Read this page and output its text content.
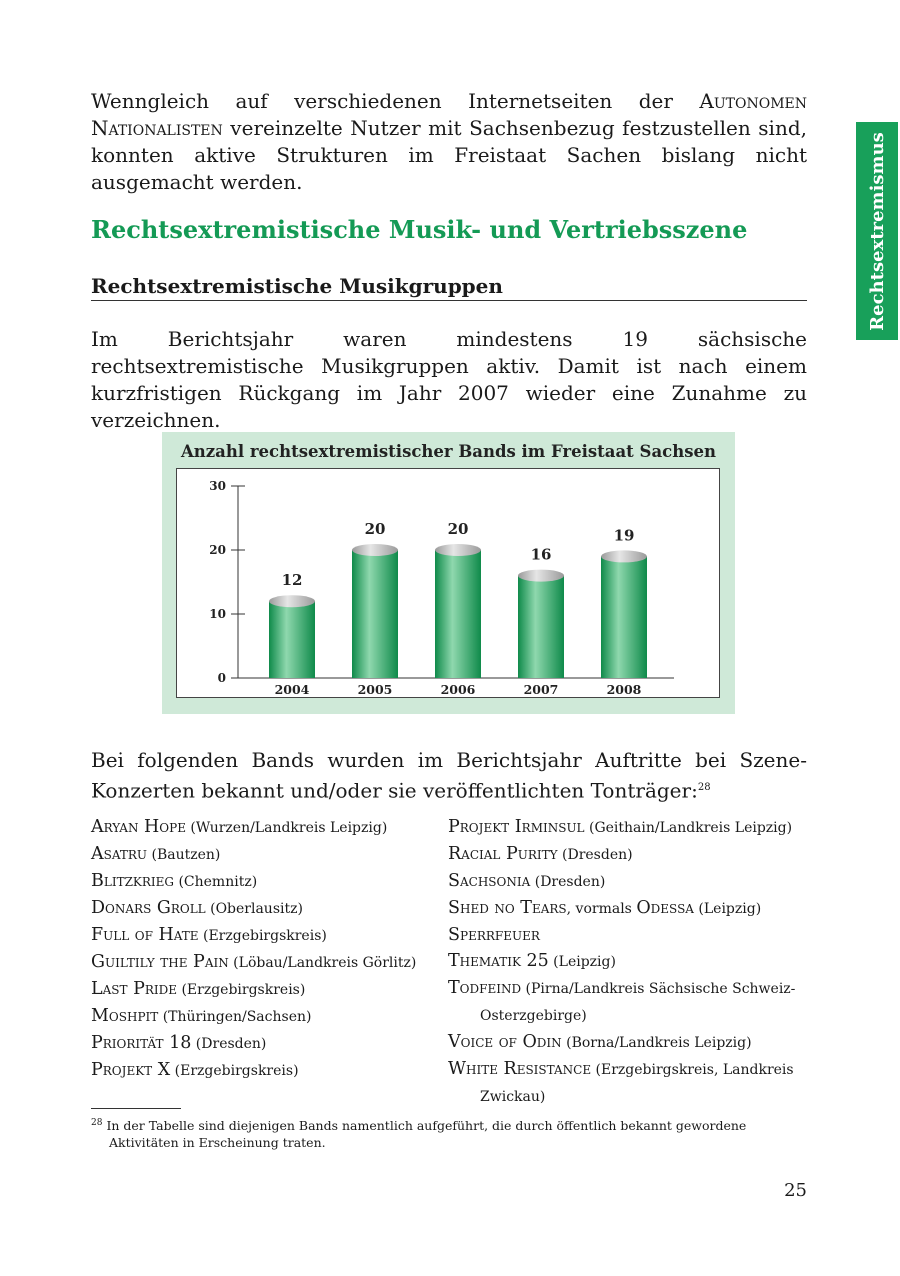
Rechtsextremismus

Wenngleich auf verschiedenen Internetseiten der Autonomen Nationalisten vereinzelte Nutzer mit Sachsenbezug festzustellen sind, konnten aktive Strukturen im Freistaat Sachen bislang nicht ausgemacht werden.

Rechtsextremistische Musik- und Vertriebsszene
Rechtsextremistische Musikgruppen

Im Berichtsjahr waren mindestens 19 sächsische rechtsextremistische Musikgruppen aktiv. Damit ist nach einem kurzfristigen Rückgang im Jahr 2007 wieder eine Zunahme zu verzeichnen.

Anzahl rechtsextremistischer Bands im Freistaat Sachsen
0
10
20
30
12
2004
20
2005
20
2006
16
2007
19
2008

Bei folgenden Bands wurden im Berichtsjahr Auftritte bei Szene-Konzerten bekannt und/oder sie veröffentlichten Tonträger:$^{28}$

Aryan Hope (Wurzen/Landkreis Leipzig)
Asatru (Bautzen)
Blitzkrieg (Chemnitz)
Donars Groll (Oberlausitz)
Full of Hate (Erzgebirgskreis)
Guiltily the Pain (Löbau/Landkreis Görlitz)
Last Pride (Erzgebirgskreis)
Moshpit (Thüringen/Sachsen)
Priorität 18 (Dresden)
Projekt X (Erzgebirgskreis)
Projekt Irminsul (Geithain/Landkreis Leipzig)
Racial Purity (Dresden)
Sachsonia (Dresden)
Shed no Tears, vormals Odessa (Leipzig)
Sperrfeuer
Thematik 25 (Leipzig)
Todfeind (Pirna/Landkreis Sächsische Schweiz-Osterzgebirge)
Voice of Odin (Borna/Landkreis Leipzig)
White Resistance (Erzgebirgskreis, Landkreis Zwickau)

$^{28}$ In der Tabelle sind diejenigen Bands namentlich aufgeführt, die durch öffentlich bekannt gewordene Aktivitäten in Erscheinung traten.

25
